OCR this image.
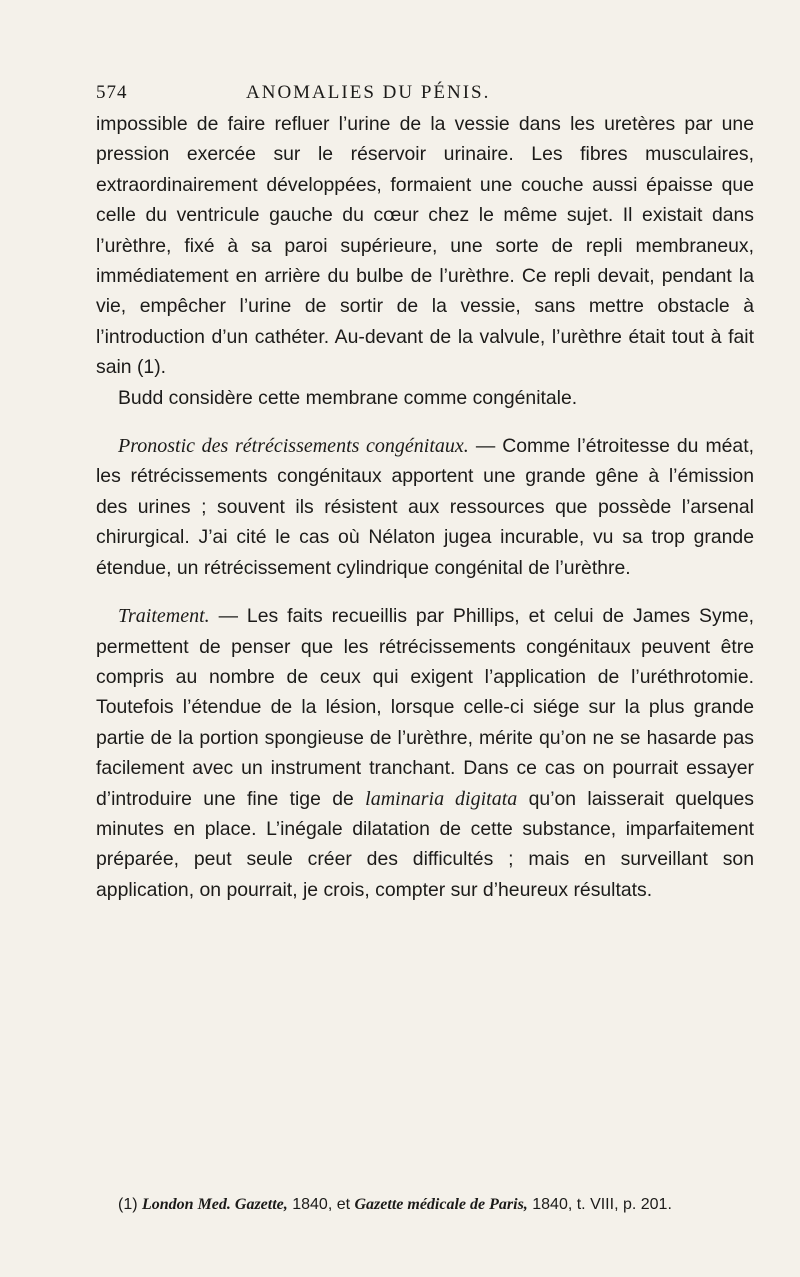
574	ANOMALIES DU PÉNIS.

impossible de faire refluer l’urine de la vessie dans les uretères par une pression exercée sur le réservoir urinaire. Les fibres musculaires, extraordinairement développées, formaient une couche aussi épaisse que celle du ventricule gauche du cœur chez le même sujet. Il existait dans l’urèthre, fixé à sa paroi supérieure, une sorte de repli membraneux, immédiatement en arrière du bulbe de l’urèthre. Ce repli devait, pendant la vie, empêcher l’urine de sortir de la vessie, sans mettre obstacle à l’introduction d’un cathéter. Au-devant de la valvule, l’urèthre était tout à fait sain (1).

Budd considère cette membrane comme congénitale.

Pronostic des rétrécissements congénitaux. — Comme l’étroitesse du méat, les rétrécissements congénitaux apportent une grande gêne à l’émission des urines ; souvent ils résistent aux ressources que possède l’arsenal chirurgical. J’ai cité le cas où Nélaton jugea incurable, vu sa trop grande étendue, un rétrécissement cylindrique congénital de l’urèthre.

Traitement. — Les faits recueillis par Phillips, et celui de James Syme, permettent de penser que les rétrécissements congénitaux peuvent être compris au nombre de ceux qui exigent l’application de l’uréthrotomie. Toutefois l’étendue de la lésion, lorsque celle-ci siége sur la plus grande partie de la portion spongieuse de l’urèthre, mérite qu’on ne se hasarde pas facilement avec un instrument tranchant. Dans ce cas on pourrait essayer d’introduire une fine tige de laminaria digitata qu’on laisserait quelques minutes en place. L’inégale dilatation de cette substance, imparfaitement préparée, peut seule créer des difficultés ; mais en surveillant son application, on pourrait, je crois, compter sur d’heureux résultats.

(1) London Med. Gazette, 1840, et Gazette médicale de Paris, 1840, t. VIII, p. 201.
